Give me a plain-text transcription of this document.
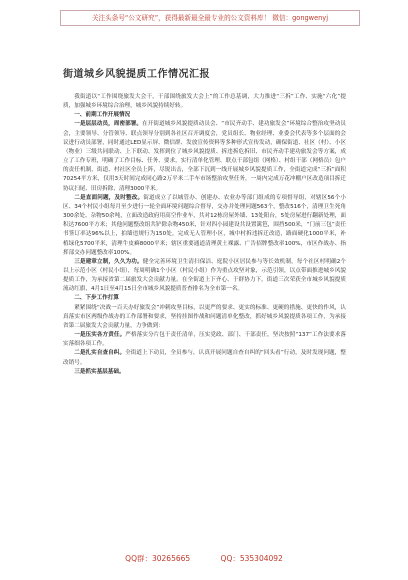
关注头条号“公文研究”，获得最新最全最专业的公文资料库！ 微信：gongwenyj
街道城乡风貌提质工作情况汇报

我街道以“工作围绕旅发大会干，干部围绕旅发大会上”的工作总基调，大力推进“三拆”工作、实施“六化”提质，加强城乡环境综合治理，城乡风貌持续好转。

一、前期工作开展情况

一是层层动员，周密部署。在开街道城乡风貌提质动员会、“市民齐动手、建功旅发会”环境综合整治攻坚动员会，主要领导、分管领导、联点领导分别到各社区召开调度会，党员组长、物业经理、业委会代表等多个层面的会议进行动员部署，同时通过LED显示屏、微信群、发放宣传资料等多种形式宣传发动，确保街道、社区（村）、小区（物业）三级共同联动、上下联动、发挥到位了城乡风貌提质、拆违拆危拆旧、市民齐动手建功旅发会等方案，成立了工作专班，明确了工作目标、任务、要求，实行清单化管理、联点干部包组（网格）、村组干部（网格员）包户的责任机制，街道、村社区全员上阵，尽锐出击，全部下沉到一线开展城乡风貌提质工作，全街道完成“三拆”面积70254平方米，仅用3天时间完成同心路2万平米二手车市场整治攻坚任务，一周内完成万花冲棚户区改造项目拆迁协议扫尾、旧房拆除、清理3000平米。

二是直面问题，及时整改。街道成立了以城管办、创建办、农业办等部门组成的专项督导组，对辖区56个小区、34个村民小组每月至少进行一轮全面环境问题综合督导，交办并处理问题563个，整改516个，清理卫生死角300余处、杂物50余吨，立面改造政府用高空作业车，共对12栋房屋外墙、13处阳台，5处房屋进行翻新处理，面积达7600平方米；其他问题整改组共铲除杂物450米，针对四小园建设共设置篱笆，围挡500米，“门前三包”责任书签订率达96%以上，拍墙违规行为150处，完成无人管理小区，城中村拆违拆迁改造，路面硬化1000平米，补植绿化5700平米，清理牛皮癣8000平米；辖区重要通道清理黄土裸露、广告招牌整改率100%，市区作战办、指挥部交办问题整改率100%。

三是建章立制，久久为功。健全完善环境卫生清扫保洁、庭院小区居民参与等长效机制，每个社区村明确2个以上示范小区（村民小组），每周明确1个小区（村民小组）作为重点攻坚对象，示范引领，以点带面推进城乡风貌提质工作，为承接省第二届旅发大会贡献力量。在全街道上下齐心、于群协力下，街道三次荣获全市城乡风貌提质流动红旗，4月1日至4月15日全市城乡风貌提质普查排名为全市第一名。

二、下步工作打算

紧紧围绕“决战一百天办好旅发会”冲刺攻坚目标，以更严的要求、更实的标准、更硬的措施、更快的作风，认真落实市区两级作战办的工作部署和要求，坚持挂图作战和问题清单化整改，抓好城乡风貌提质各项工作，为承接省第二届旅发大会贡献力量，力争做到：

一是压实各方责任。严格落实分片包干责任清单，压实党政、部门、干部责任，坚决按照“137”工作法要求落实落细各项工作。

二是扎实自查自纠。全街道上下动员，全员参与，认真开展问题自查自纠的“回头看”行动，及时发现问题，整改销号。

三是抓实基层基础。

QQ群：30265665	QQ：535304092
